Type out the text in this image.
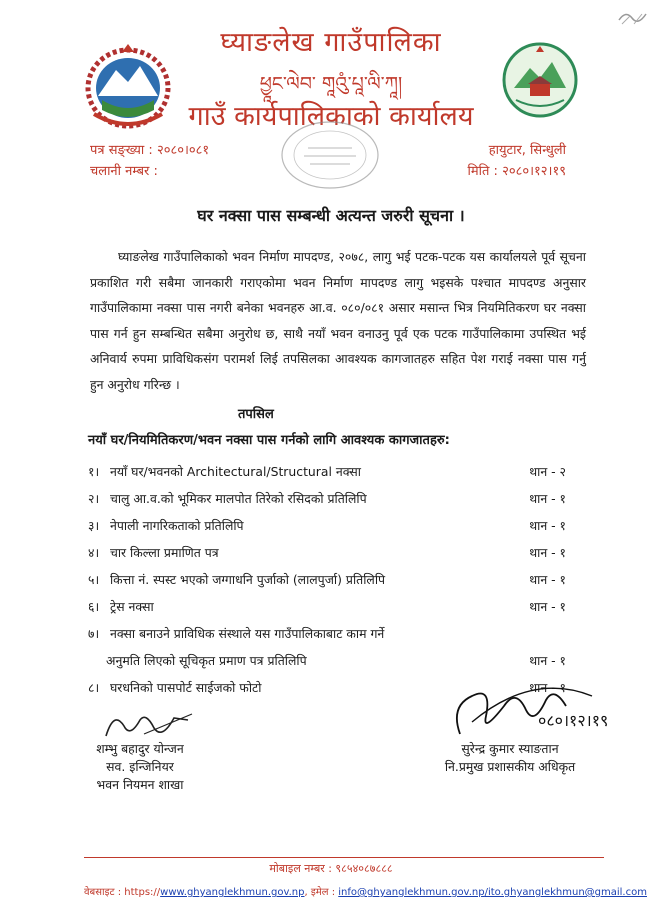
घ्याङलेख गाउँपालिका
ཕྱཱང་ལེབ་ གཱའུཾ་པཱ་ལི་ཀཱ།
गाउँ कार्यपालिकाको कार्यालय
पत्र सङ्ख्या : २०८०।०८१
चलानी नम्बर :
हायुटार, सिन्धुली
मिति : २०८०।१२।१९
घर नक्सा पास सम्बन्धी अत्यन्त जरुरी सूचना ।
घ्याङलेख गाउँपालिकाको भवन निर्माण मापदण्ड, २०७८, लागु भई पटक-पटक यस कार्यालयले पूर्व सूचना प्रकाशित गरी सबैमा जानकारी गराएकोमा भवन निर्माण मापदण्ड लागु भइसके पश्चात मापदण्ड अनुसार गाउँपालिकामा नक्सा पास नगरी बनेका भवनहरु आ.व. ०८०/०८१ असार मसान्त भित्र नियमितिकरण घर नक्सा पास गर्न हुन सम्बन्धित सबैमा अनुरोध छ, साथै नयाँ भवन वनाउनु पूर्व एक पटक गाउँपालिकामा उपस्थित भई अनिवार्य रुपमा प्राविधिकसंग परामर्श लिई तपसिलका आवश्यक कागजातहरु सहित पेश गराई नक्सा पास गर्नु हुन अनुरोध गरिन्छ ।
तपसिल
नयाँ घर/नियमितिकरण/भवन नक्सा पास गर्नको लागि आवश्यक कागजातहरु:
१। नयाँ घर/भवनको Architectural/Structural नक्सा	थान - २
२। चालु आ.व.को भूमिकर मालपोत तिरेको रसिदको प्रतिलिपि	थान - १
३। नेपाली नागरिकताको प्रतिलिपि	थान - १
४। चार किल्ला प्रमाणित पत्र	थान - १
५। कित्ता नं. स्पस्ट भएको जग्गाधनि पुर्जाको (लालपुर्जा) प्रतिलिपि	थान - १
६। ट्रेस नक्सा	थान - १
७। नक्सा बनाउने प्राविधिक संस्थाले यस गाउँपालिकाबाट काम गर्ने
अनुमति लिएको सूचिकृत प्रमाण पत्र प्रतिलिपि	थान - १
८। घरधनिको पासपोर्ट साईजको फोटो	थान - १
०८०।१२।१९
शम्भु बहादुर योन्जन
सव. इन्जिनियर
भवन नियमन शाखा
सुरेन्द्र कुमार स्याङतान
नि.प्रमुख प्रशासकीय अधिकृत
मोबाइल नम्बर : ९८५४०८७८८८
वेबसाइट : https://www.ghyanglekhmun.gov.np, इमेल : info@ghyanglekhmun.gov.np/ito.ghyanglekhmun@gmail.com
